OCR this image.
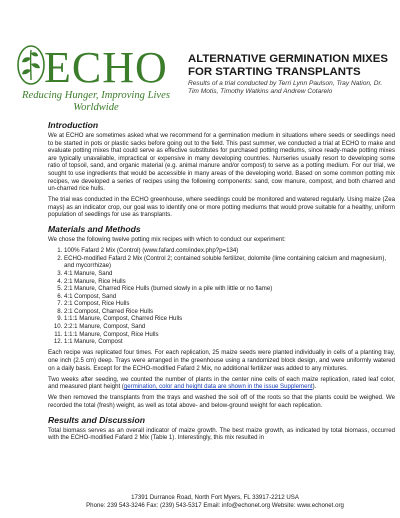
ECHO
Reducing Hunger, Improving Lives
Worldwide
ALTERNATIVE GERMINATION MIXES
FOR STARTING TRANSPLANTS
Results of a trial conducted by Terri Lynn Paulson, Tray Nation, Dr. Tim Motis, Timothy Watkins and Andrew Cotarelo
Introduction

We at ECHO are sometimes asked what we recommend for a germination medium in situations where seeds or seedlings need to be started in pots or plastic sacks before going out to the field. This past summer, we conducted a trial at ECHO to make and evaluate potting mixes that could serve as effective substitutes for purchased potting mediums, since ready-made potting mixes are typically unavailable, impractical or expensive in many developing countries. Nurseries usually resort to developing some ratio of topsoil, sand, and organic material (e.g. animal manure and/or compost) to serve as a potting medium. For our trial, we sought to use ingredients that would be accessible in many areas of the developing world. Based on some common potting mix recipes, we developed a series of recipes using the following components: sand, cow manure, compost, and both charred and un-charred rice hulls.

The trial was conducted in the ECHO greenhouse, where seedlings could be monitored and watered regularly. Using maize (Zea mays) as an indicator crop, our goal was to identify one or more potting mediums that would prove suitable for a healthy, uniform population of seedlings for use as transplants.

Materials and Methods

We chose the following twelve potting mix recipes with which to conduct our experiment:

1. 100% Fafard 2 Mix (Control) (www.fafard.com/index.php?p=134)
2. ECHO-modified Fafard 2 Mix (Control 2; contained soluble fertilizer, dolomite (lime containing calcium and magnesium), and mycorrhizae)
3. 4:1 Manure, Sand
4. 2:1 Manure, Rice Hulls
5. 2:1 Manure, Charred Rice Hulls (burned slowly in a pile with little or no flame)
6. 4:1 Compost, Sand
7. 2:1 Compost, Rice Hulls
8. 2:1 Compost, Charred Rice Hulls
9. 1:1:1 Manure, Compost, Charred Rice Hulls
10. 2:2:1 Manure, Compost, Sand
11. 1:1:1 Manure, Compost, Rice Hulls
12. 1:1 Manure, Compost

Each recipe was replicated four times. For each replication, 25 maize seeds were planted individually in cells of a planting tray, one inch (2.5 cm) deep. Trays were arranged in the greenhouse using a randomized block design, and were uniformly watered on a daily basis. Except for the ECHO-modified Fafard 2 Mix, no additional fertilizer was added to any mixtures.

Two weeks after seeding, we counted the number of plants in the center nine cells of each maize replication, rated leaf color, and measured plant height (germination, color and height data are shown in the issue Supplement).

We then removed the transplants from the trays and washed the soil off of the roots so that the plants could be weighed. We recorded the total (fresh) weight, as well as total above- and below-ground weight for each replication.

Results and Discussion

Total biomass serves as an overall indicator of maize growth. The best maize growth, as indicated by total biomass, occurred with the ECHO-modified Fafard 2 Mix (Table 1). Interestingly, this mix resulted in

17391 Durrance Road, North Fort Myers, FL 33917-2212 USA
Phone: 239 543-3246 Fax: (239) 543-5317 Email: info@echonet.org Website: www.echonet.org
